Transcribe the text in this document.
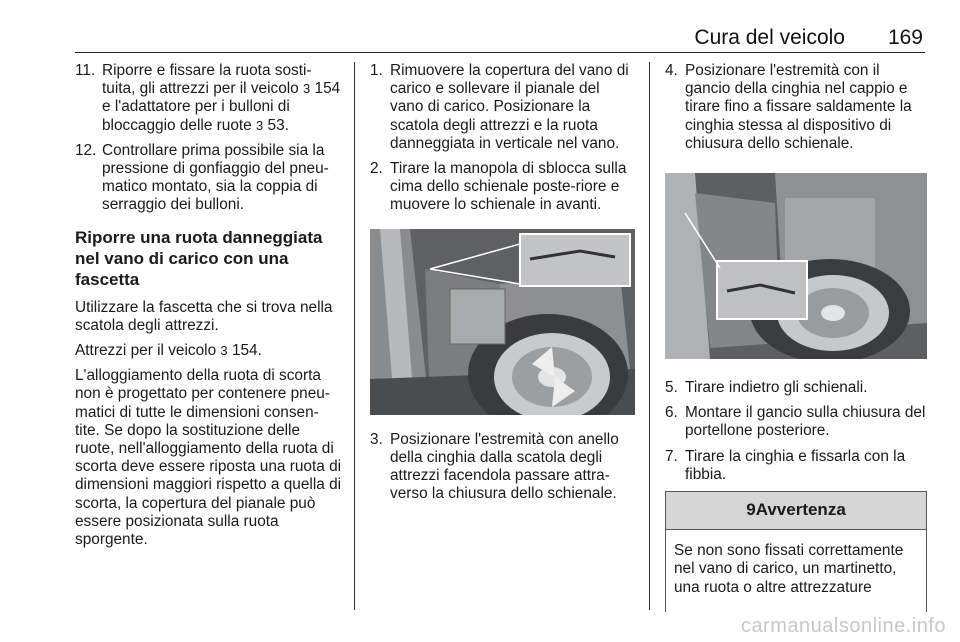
Cura del veicolo 169
11. Riporre e fissare la ruota sosti-tuita, gli attrezzi per il veicolo 3 154 e l'adattatore per i bulloni di bloccaggio delle ruote 3 53.
12. Controllare prima possibile sia la pressione di gonfiaggio del pneu-matico montato, sia la coppia di serraggio dei bulloni.
Riporre una ruota danneggiata nel vano di carico con una fascetta
Utilizzare la fascetta che si trova nella scatola degli attrezzi.
Attrezzi per il veicolo 3 154.
L'alloggiamento della ruota di scorta non è progettato per contenere pneu-matici di tutte le dimensioni consen-tite. Se dopo la sostituzione delle ruote, nell'alloggiamento della ruota di scorta deve essere riposta una ruota di dimensioni maggiori rispetto a quella di scorta, la copertura del pianale può essere posizionata sulla ruota sporgente.
1. Rimuovere la copertura del vano di carico e sollevare il pianale del vano di carico. Posizionare la scatola degli attrezzi e la ruota danneggiata in verticale nel vano.
2. Tirare la manopola di sblocca sulla cima dello schienale poste-riore e muovere lo schienale in avanti.
3. Posizionare l'estremità con anello della cinghia dalla scatola degli attrezzi facendola passare attra-verso la chiusura dello schienale.
4. Posizionare l'estremità con il gancio della cinghia nel cappio e tirare fino a fissare saldamente la cinghia stessa al dispositivo di chiusura dello schienale.
5. Tirare indietro gli schienali.
6. Montare il gancio sulla chiusura del portellone posteriore.
7. Tirare la cinghia e fissarla con la fibbia.
9Avvertenza
Se non sono fissati correttamente nel vano di carico, un martinetto, una ruota o altre attrezzature
carmanualsonline.info
